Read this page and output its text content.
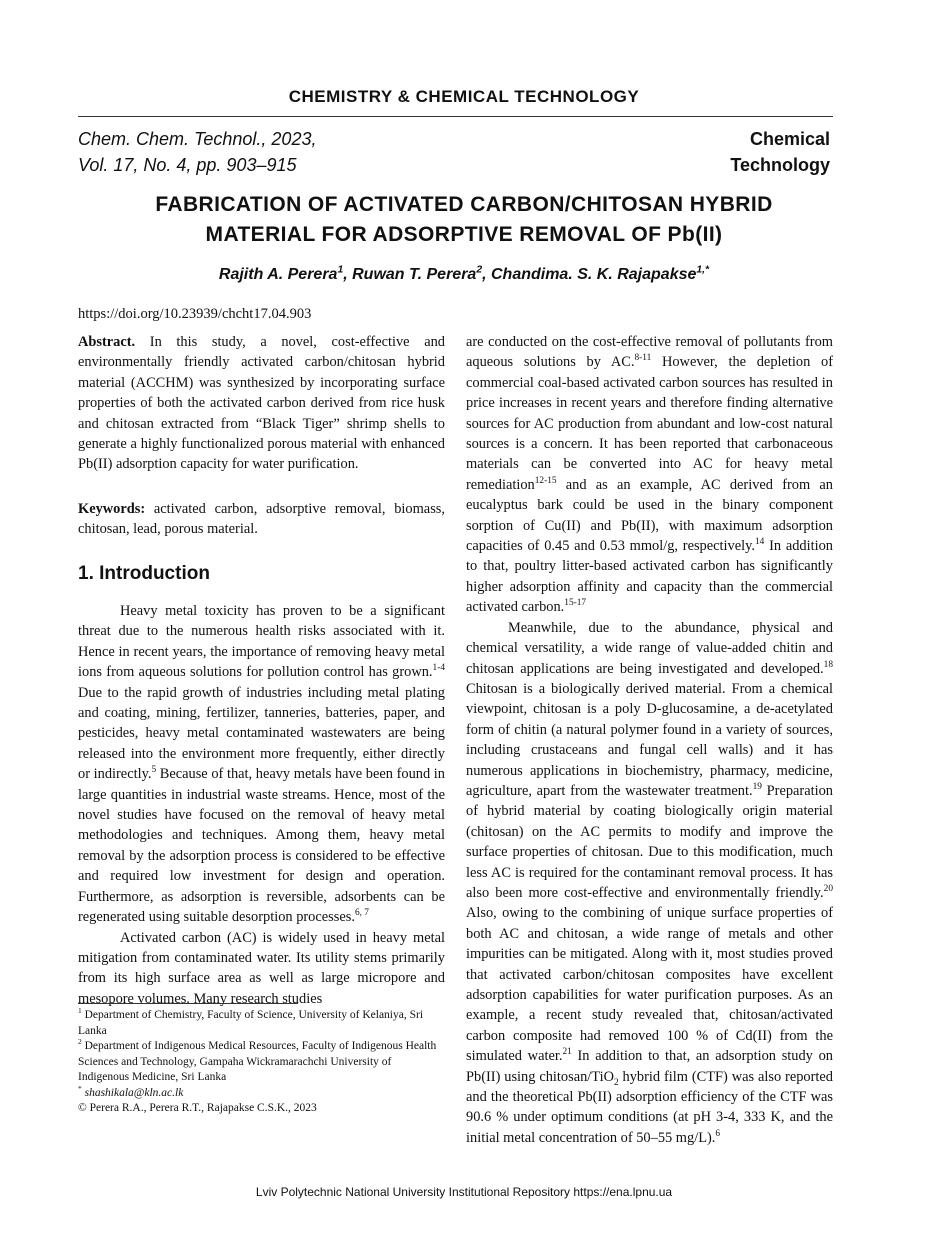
CHEMISTRY & CHEMICAL TECHNOLOGY
Chem. Chem. Technol., 2023,
Vol. 17, No. 4, pp. 903–915
Chemical
Technology
FABRICATION OF ACTIVATED CARBON/CHITOSAN HYBRID
MATERIAL FOR ADSORPTIVE REMOVAL OF Pb(II)
Rajith A. Perera$^1$, Ruwan T. Perera$^2$, Chandima. S. K. Rajapakse$^{1,*}$
https://doi.org/10.23939/chcht17.04.903

Abstract. In this study, a novel, cost-effective and environmentally friendly activated carbon/chitosan hybrid material (ACCHM) was synthesized by incorporating surface properties of both the activated carbon derived from rice husk and chitosan extracted from “Black Tiger” shrimp shells to generate a highly functionalized porous material with enhanced Pb(II) adsorption capacity for water purification.

Keywords: activated carbon, adsorptive removal, biomass, chitosan, lead, porous material.
1. Introduction

Heavy metal toxicity has proven to be a significant threat due to the numerous health risks associated with it. Hence in recent years, the importance of removing heavy metal ions from aqueous solutions for pollution control has grown.$^{1-4}$ Due to the rapid growth of industries including metal plating and coating, mining, fertilizer, tanneries, batteries, paper, and pesticides, heavy metal contaminated wastewaters are being released into the environment more frequently, either directly or indirectly.$^5$ Because of that, heavy metals have been found in large quantities in industrial waste streams. Hence, most of the novel studies have focused on the removal of heavy metal methodologies and techniques. Among them, heavy metal removal by the adsorption process is considered to be effective and required low investment for design and operation. Furthermore, as adsorption is reversible, adsorbents can be regenerated using suitable desorption processes.$^{6, 7}$

Activated carbon (AC) is widely used in heavy metal mitigation from contaminated water. Its utility stems primarily from its high surface area as well as large micropore and mesopore volumes. Many research studies

$^1$ Department of Chemistry, Faculty of Science, University of Kelaniya, Sri Lanka

$^2$ Department of Indigenous Medical Resources, Faculty of Indigenous Health Sciences and Technology, Gampaha Wickramarachchi University of Indigenous Medicine, Sri Lanka

* shashikala@kln.ac.lk

© Perera R.A., Perera R.T., Rajapakse C.S.K., 2023

are conducted on the cost-effective removal of pollutants from aqueous solutions by AC.$^{8-11}$ However, the depletion of commercial coal-based activated carbon sources has resulted in price increases in recent years and therefore finding alternative sources for AC production from abundant and low-cost natural sources is a concern. It has been reported that carbonaceous materials can be converted into AC for heavy metal remediation$^{12-15}$ and as an example, AC derived from an eucalyptus bark could be used in the binary component sorption of Cu(II) and Pb(II), with maximum adsorption capacities of 0.45 and 0.53 mmol/g, respectively.$^{14}$ In addition to that, poultry litter-based activated carbon has significantly higher adsorption affinity and capacity than the commercial activated carbon.$^{15-17}$

Meanwhile, due to the abundance, physical and chemical versatility, a wide range of value-added chitin and chitosan applications are being investigated and developed.$^{18}$ Chitosan is a biologically derived material. From a chemical viewpoint, chitosan is a poly D-glucosamine, a de-acetylated form of chitin (a natural polymer found in a variety of sources, including crustaceans and fungal cell walls) and it has numerous applications in biochemistry, pharmacy, medicine, agriculture, apart from the wastewater treatment.$^{19}$ Preparation of hybrid material by coating biologically origin material (chitosan) on the AC permits to modify and improve the surface properties of chitosan. Due to this modification, much less AC is required for the contaminant removal process. It has also been more cost-effective and environmentally friendly.$^{20}$ Also, owing to the combining of unique surface properties of both AC and chitosan, a wide range of metals and other impurities can be mitigated. Along with it, most studies proved that activated carbon/chitosan composites have excellent adsorption capabilities for water purification purposes. As an example, a recent study revealed that, chitosan/activated carbon composite had removed 100 % of Cd(II) from the simulated water.$^{21}$ In addition to that, an adsorption study on Pb(II) using chitosan/TiO$_2$ hybrid film (CTF) was also reported and the theoretical Pb(II) adsorption efficiency of the CTF was 90.6 % under optimum conditions (at pH 3-4, 333 K, and the initial metal concentration of 50–55 mg/L).$^6$

Lviv Polytechnic National University Institutional Repository https://ena.lpnu.ua
